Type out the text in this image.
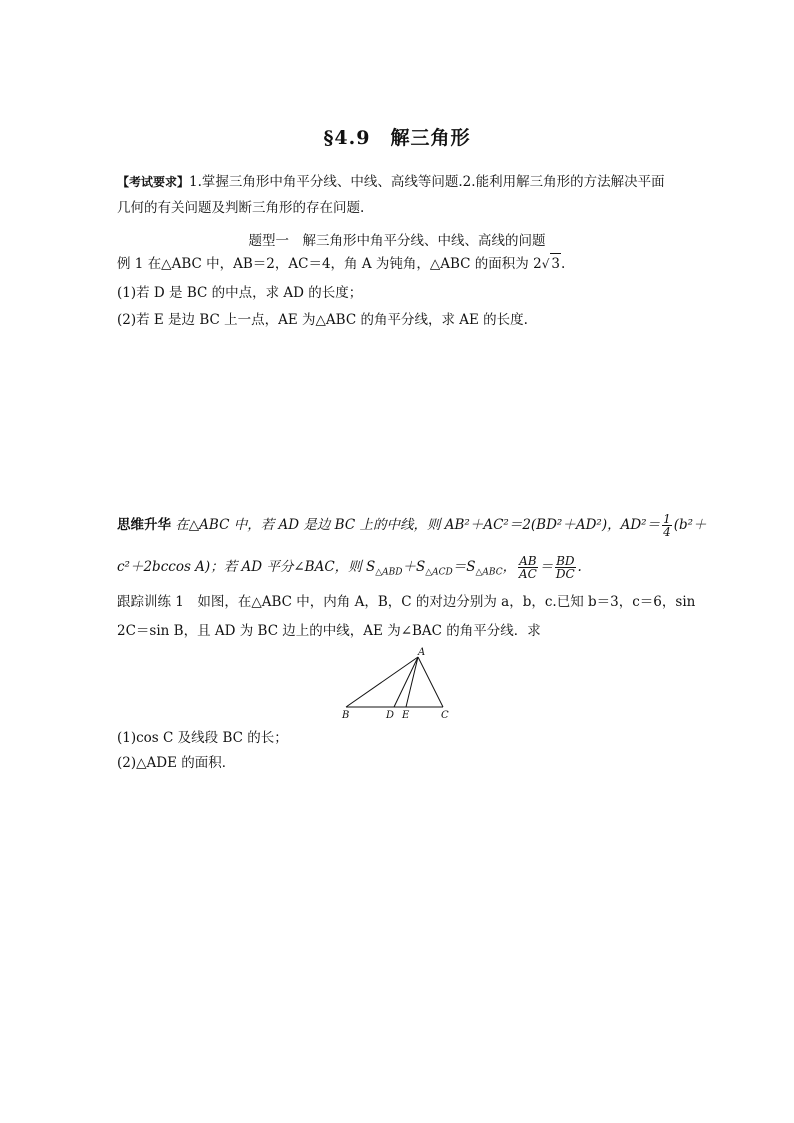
§4.9　解三角形
【考试要求】1.掌握三角形中角平分线、中线、高线等问题.2.能利用解三角形的方法解决平面
几何的有关问题及判断三角形的存在问题.
题型一　解三角形中角平分线、中线、高线的问题
例 1 在△ABC 中，AB＝2，AC＝4，角 A 为钝角，△ABC 的面积为 2√ 3.
(1)若 D 是 BC 的中点，求 AD 的长度；
(2)若 E 是边 BC 上一点，AE 为△ABC 的角平分线，求 AE 的长度.
思维升华 在△ABC 中，若 AD 是边 BC 上的中线，则 AB²＋AC²＝2(BD²＋AD²)，$AD^2= \frac{1}{4} (b^2+$
c²＋2bccos A)；若 AD 平分∠BAC，则 $S_{\triangle ABD}+S_{\triangle ACD}=S_{\triangle ABC}$， $\frac{AB}{AC} = \frac{BD}{DC}$ .
跟踪训练 1　如图，在△ABC 中，内角 A，B，C 的对边分别为 a，b，c.已知 b＝3，c＝6，sin
2C＝sin B，且 AD 为 BC 边上的中线，AE 为∠BAC 的角平分线．求
A
B	D E	C
(1)cos C 及线段 BC 的长；
(2)△ADE 的面积．
